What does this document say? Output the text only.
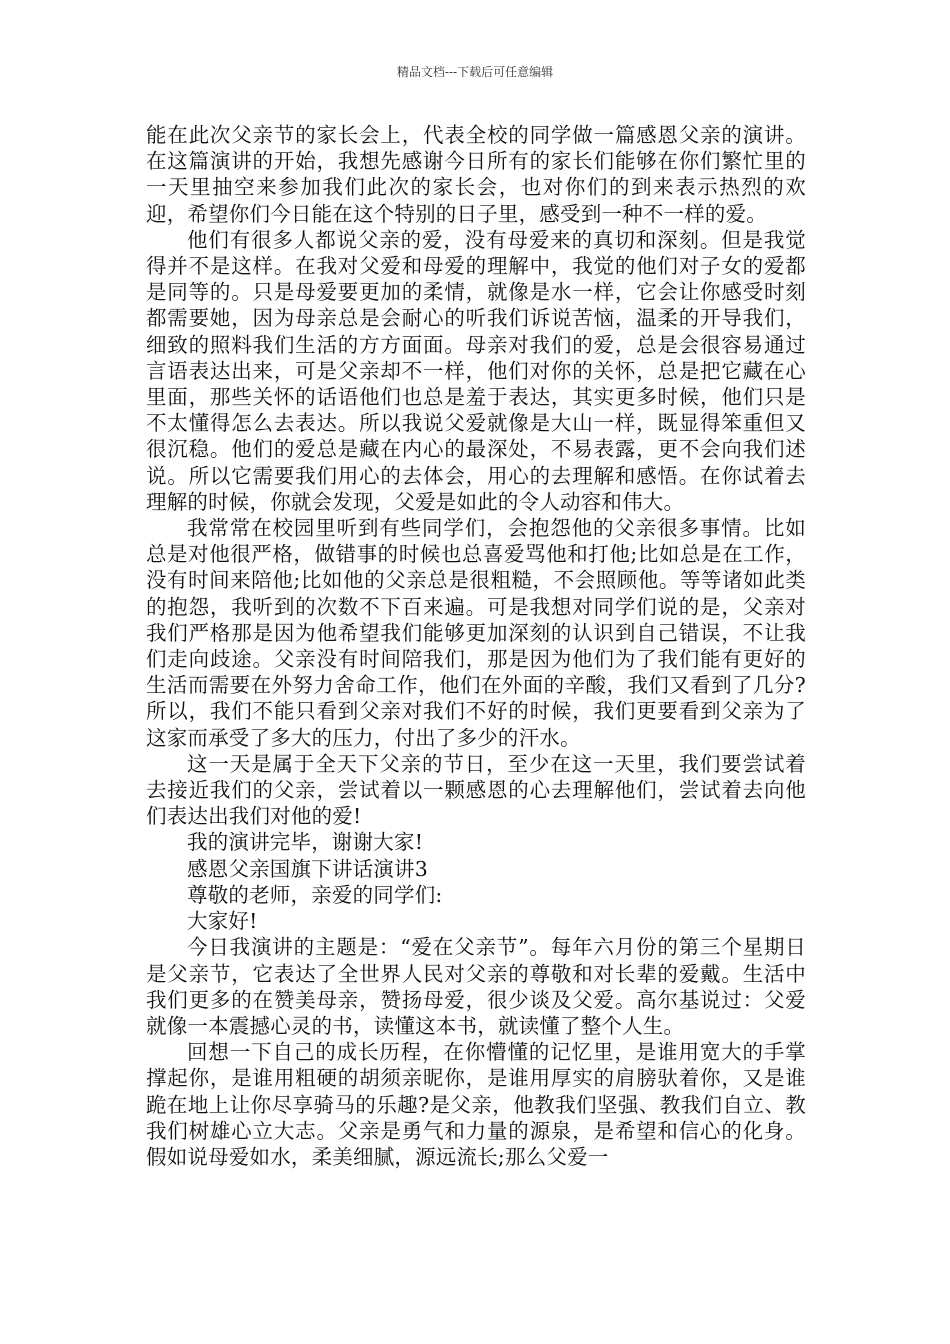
精品文档---下载后可任意编辑

能在此次父亲节的家长会上，代表全校的同学做一篇感恩父亲的演讲。在这篇演讲的开始，我想先感谢今日所有的家长们能够在你们繁忙里的一天里抽空来参加我们此次的家长会，也对你们的到来表示热烈的欢迎，希望你们今日能在这个特别的日子里，感受到一种不一样的爱。

他们有很多人都说父亲的爱，没有母爱来的真切和深刻。但是我觉得并不是这样。在我对父爱和母爱的理解中，我觉的他们对子女的爱都是同等的。只是母爱要更加的柔情，就像是水一样，它会让你感受时刻都需要她，因为母亲总是会耐心的听我们诉说苦恼，温柔的开导我们，细致的照料我们生活的方方面面。母亲对我们的爱，总是会很容易通过言语表达出来，可是父亲却不一样，他们对你的关怀，总是把它藏在心里面，那些关怀的话语他们也总是羞于表达，其实更多时候，他们只是不太懂得怎么去表达。所以我说父爱就像是大山一样，既显得笨重但又很沉稳。他们的爱总是藏在内心的最深处，不易表露，更不会向我们述说。所以它需要我们用心的去体会，用心的去理解和感悟。在你试着去理解的时候，你就会发现，父爱是如此的令人动容和伟大。

我常常在校园里听到有些同学们，会抱怨他的父亲很多事情。比如总是对他很严格，做错事的时候也总喜爱骂他和打他;比如总是在工作，没有时间来陪他;比如他的父亲总是很粗糙，不会照顾他。等等诸如此类的抱怨，我听到的次数不下百来遍。可是我想对同学们说的是，父亲对我们严格那是因为他希望我们能够更加深刻的认识到自己错误，不让我们走向歧途。父亲没有时间陪我们，那是因为他们为了我们能有更好的生活而需要在外努力舍命工作，他们在外面的辛酸，我们又看到了几分?所以，我们不能只看到父亲对我们不好的时候，我们更要看到父亲为了这家而承受了多大的压力，付出了多少的汗水。

这一天是属于全天下父亲的节日，至少在这一天里，我们要尝试着去接近我们的父亲，尝试着以一颗感恩的心去理解他们，尝试着去向他们表达出我们对他的爱!

我的演讲完毕，谢谢大家!

感恩父亲国旗下讲话演讲3

尊敬的老师，亲爱的同学们:

大家好!

今日我演讲的主题是：“爱在父亲节”。每年六月份的第三个星期日是父亲节，它表达了全世界人民对父亲的尊敬和对长辈的爱戴。生活中我们更多的在赞美母亲，赞扬母爱，很少谈及父爱。高尔基说过：父爱就像一本震撼心灵的书，读懂这本书，就读懂了整个人生。

回想一下自己的成长历程，在你懵懂的记忆里，是谁用宽大的手掌撑起你，是谁用粗硬的胡须亲昵你，是谁用厚实的肩膀驮着你，又是谁跪在地上让你尽享骑马的乐趣?是父亲，他教我们坚强、教我们自立、教我们树雄心立大志。父亲是勇气和力量的源泉，是希望和信心的化身。假如说母爱如水，柔美细腻，源远流长;那么父爱一
